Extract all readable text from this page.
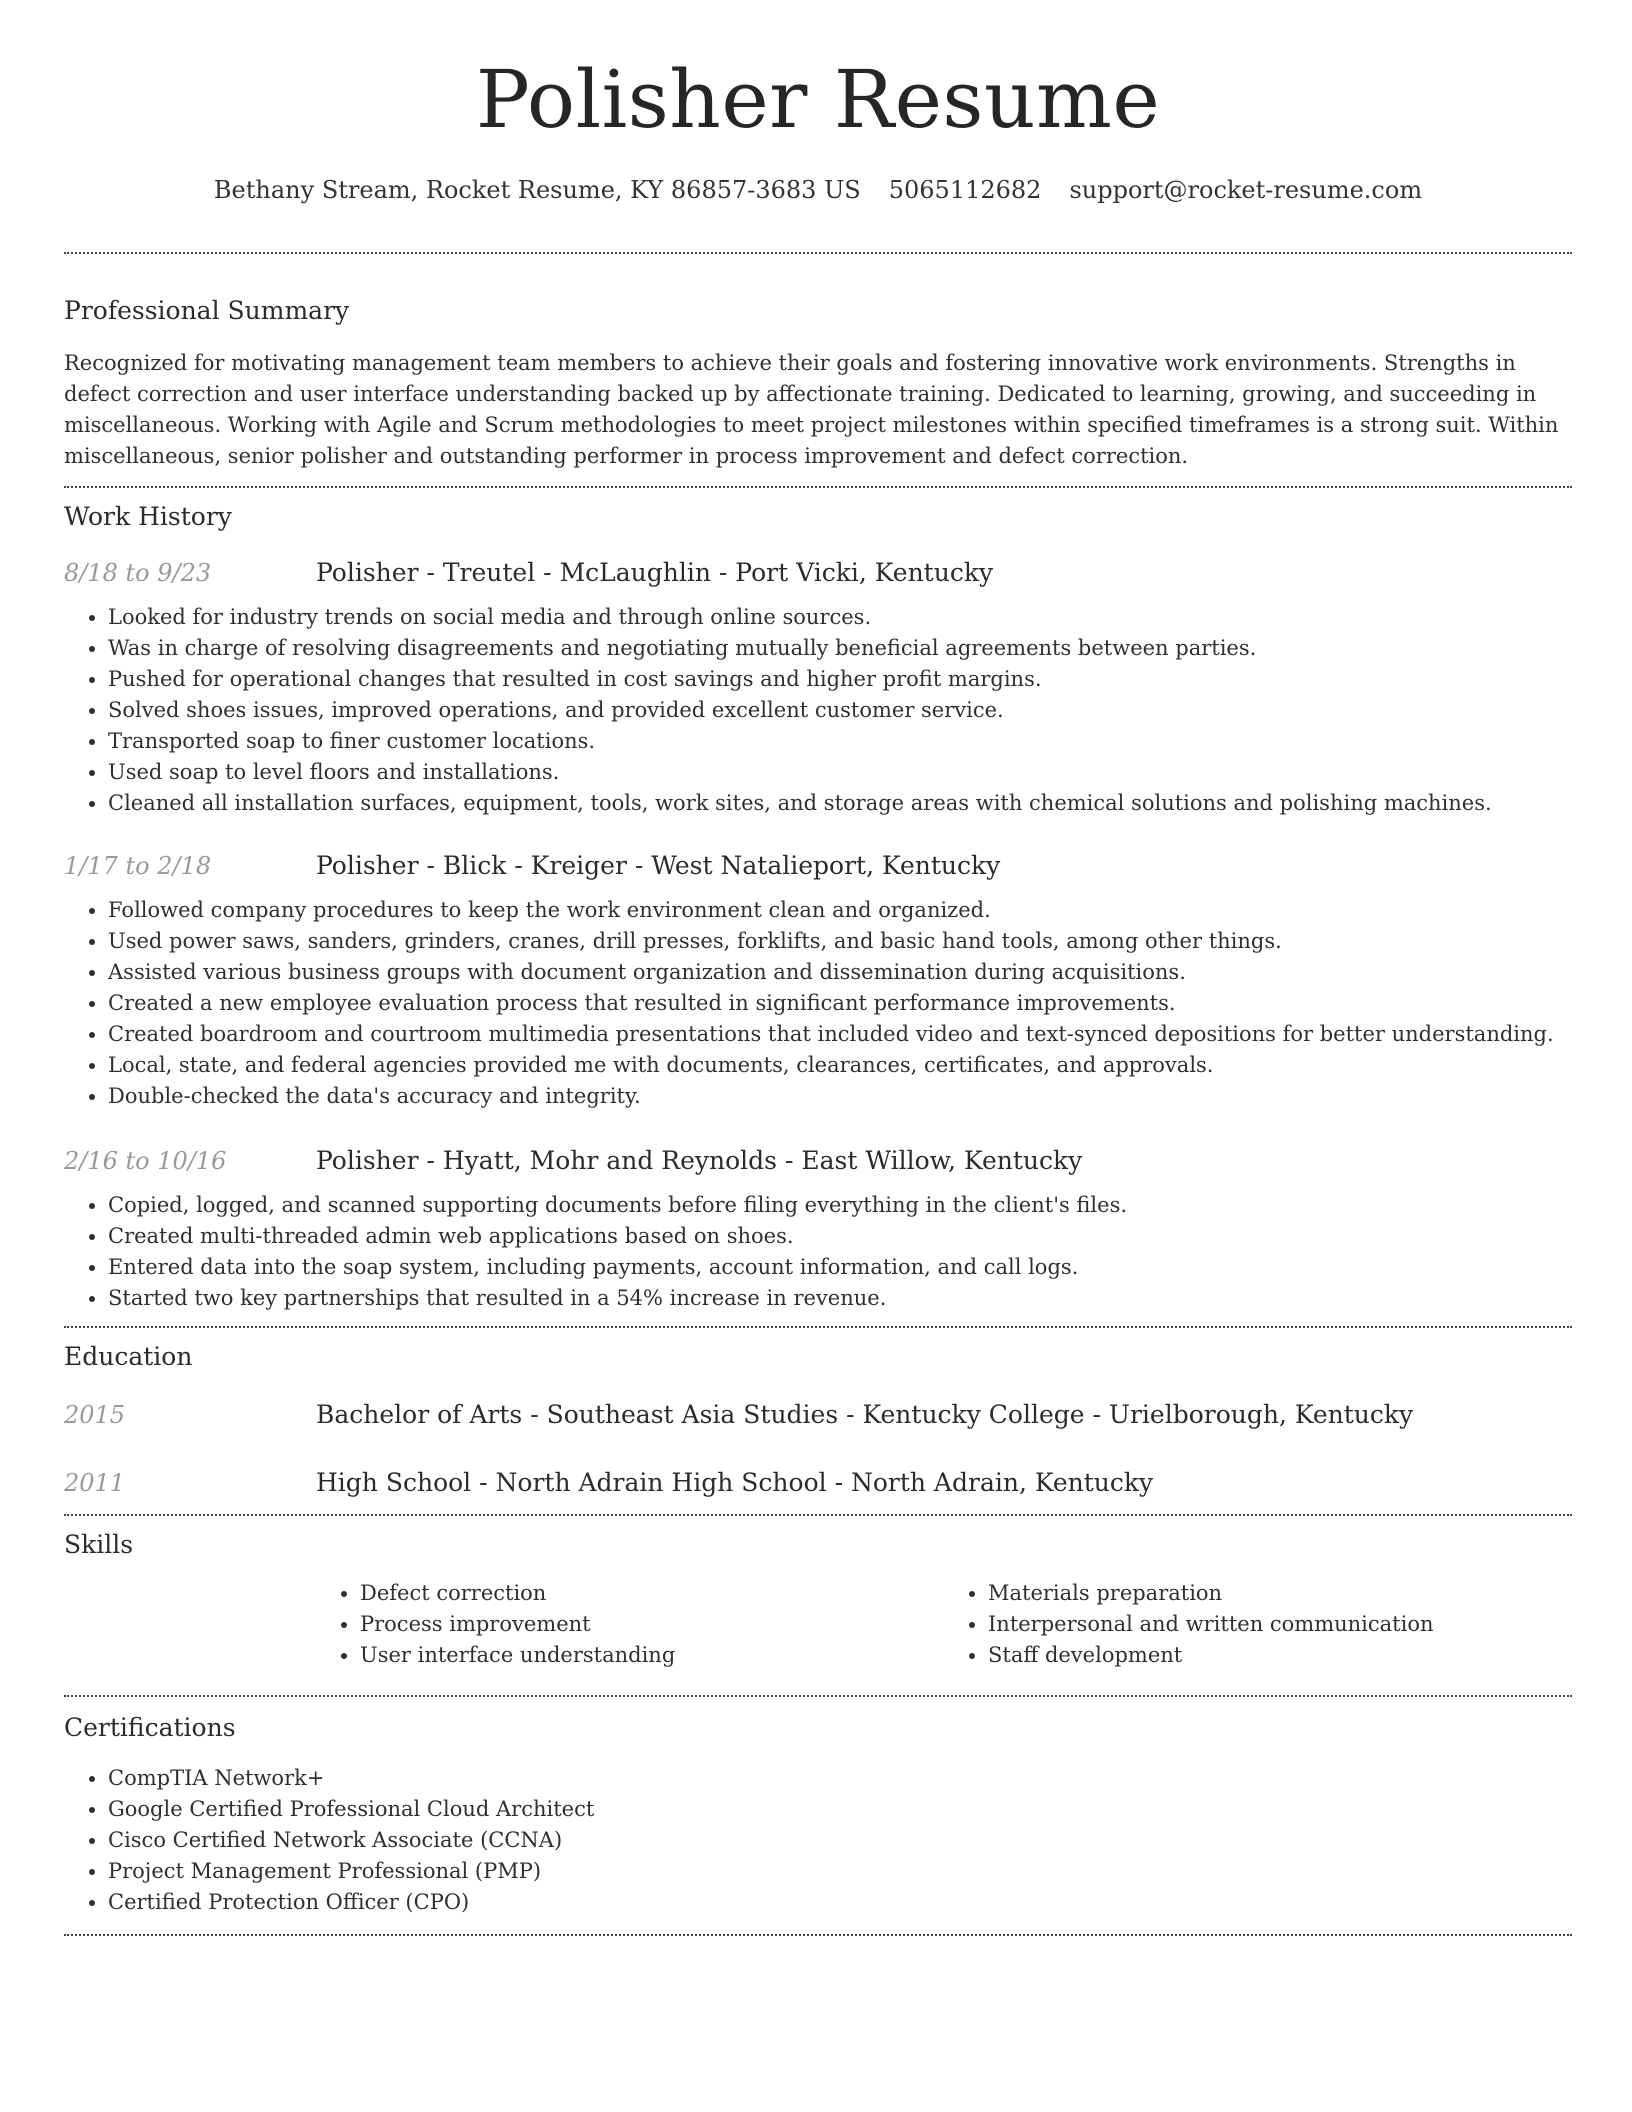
Polisher Resume
Bethany Stream, Rocket Resume, KY 86857-3683 US 5065112682 support@rocket-resume.com
Professional Summary

Recognized for motivating management team members to achieve their goals and fostering innovative work environments. Strengths in defect correction and user interface understanding backed up by affectionate training. Dedicated to learning, growing, and succeeding in miscellaneous. Working with Agile and Scrum methodologies to meet project milestones within specified timeframes is a strong suit. Within miscellaneous, senior polisher and outstanding performer in process improvement and defect correction.

Work History
8/18 to 9/23	Polisher - Treutel - McLaughlin - Port Vicki, Kentucky
• Looked for industry trends on social media and through online sources.
• Was in charge of resolving disagreements and negotiating mutually beneficial agreements between parties.
• Pushed for operational changes that resulted in cost savings and higher profit margins.
• Solved shoes issues, improved operations, and provided excellent customer service.
• Transported soap to finer customer locations.
• Used soap to level floors and installations.
• Cleaned all installation surfaces, equipment, tools, work sites, and storage areas with chemical solutions and polishing machines.
1/17 to 2/18	Polisher - Blick - Kreiger - West Natalieport, Kentucky
• Followed company procedures to keep the work environment clean and organized.
• Used power saws, sanders, grinders, cranes, drill presses, forklifts, and basic hand tools, among other things.
• Assisted various business groups with document organization and dissemination during acquisitions.
• Created a new employee evaluation process that resulted in significant performance improvements.
• Created boardroom and courtroom multimedia presentations that included video and text-synced depositions for better understanding.
• Local, state, and federal agencies provided me with documents, clearances, certificates, and approvals.
• Double-checked the data's accuracy and integrity.
2/16 to 10/16	Polisher - Hyatt, Mohr and Reynolds - East Willow, Kentucky
• Copied, logged, and scanned supporting documents before filing everything in the client's files.
• Created multi-threaded admin web applications based on shoes.
• Entered data into the soap system, including payments, account information, and call logs.
• Started two key partnerships that resulted in a 54% increase in revenue.
Education
2015	Bachelor of Arts - Southeast Asia Studies - Kentucky College - Urielborough, Kentucky
2011	High School - North Adrain High School - North Adrain, Kentucky
Skills
• Defect correction
• Process improvement
• User interface understanding
• Materials preparation
• Interpersonal and written communication
• Staff development
Certifications
• CompTIA Network+
• Google Certified Professional Cloud Architect
• Cisco Certified Network Associate (CCNA)
• Project Management Professional (PMP)
• Certified Protection Officer (CPO)
